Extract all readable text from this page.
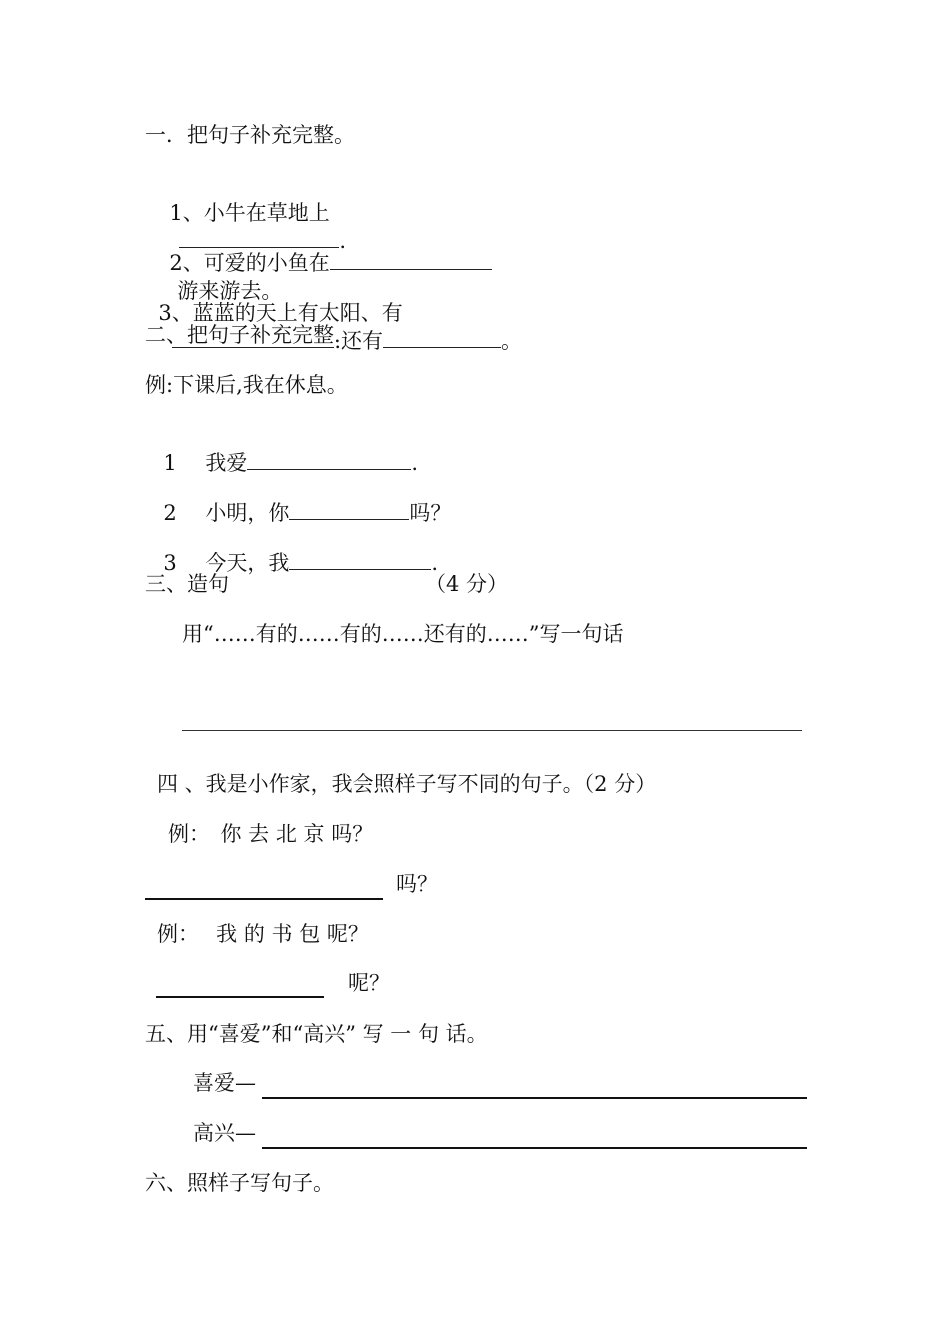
一．把句子补充完整。

1、小牛在草地上
.

2、可爱的小鱼在
游来游去。

3、蓝蓝的天上有太阳、有
.还有	。

二、把句子补充完整.
例:下课后,我在休息。

1 我爱	.

2 小明，你	吗？

3 今天，我	.

三、造句	（4 分）
用“……有的……有的……还有的……”写一句话
四 、我是小作家，我会照样子写不同的句子。（2 分）
例：　你 去 北 京 吗？
吗？
例：　 我 的 书 包 呢？
呢？
五、用“喜爱”和“高兴” 写 一 句 话。
喜爱—
高兴—
六、照样子写句子。
